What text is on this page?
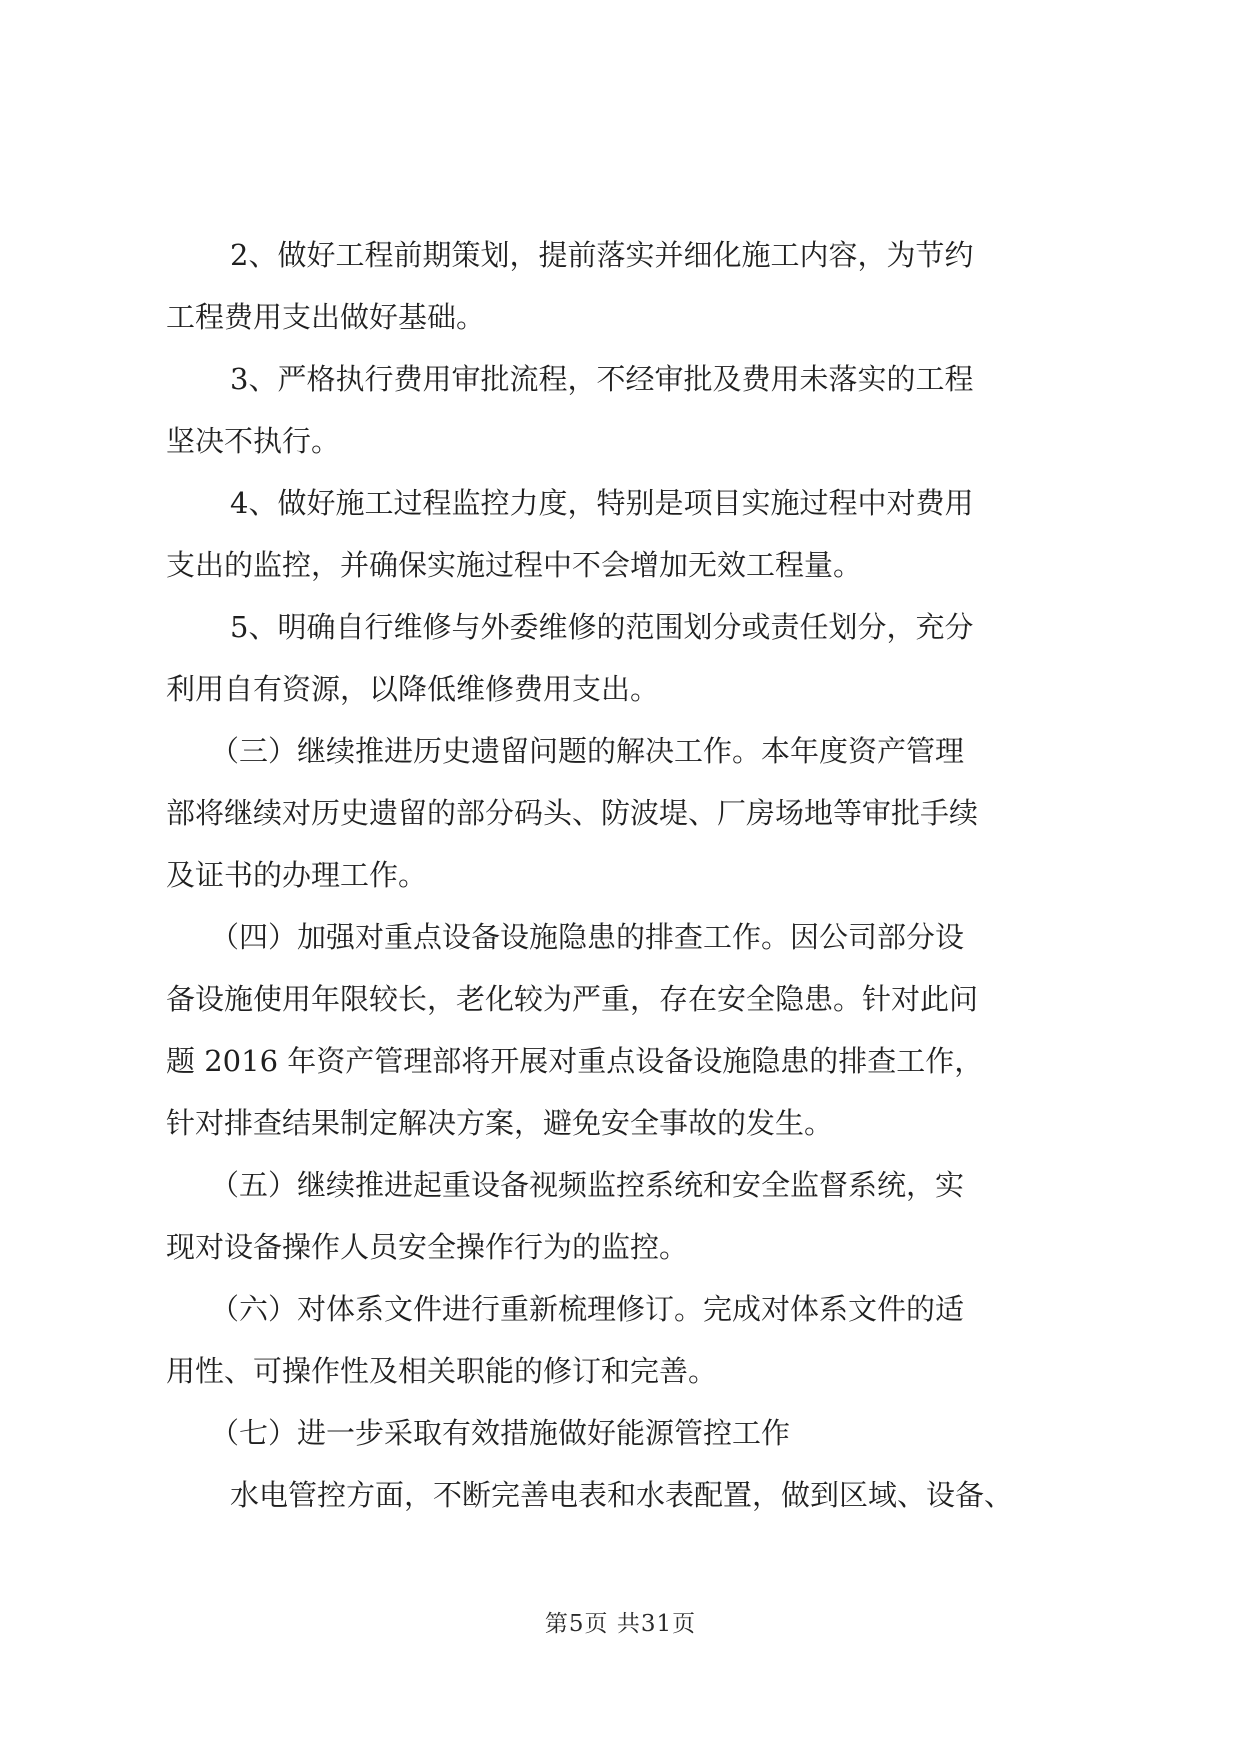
2、做好工程前期策划，提前落实并细化施工内容，为节约
工程费用支出做好基础。
3、严格执行费用审批流程，不经审批及费用未落实的工程
坚决不执行。
4、做好施工过程监控力度，特别是项目实施过程中对费用
支出的监控，并确保实施过程中不会增加无效工程量。
5、明确自行维修与外委维修的范围划分或责任划分，充分
利用自有资源，以降低维修费用支出。
（三）继续推进历史遗留问题的解决工作。本年度资产管理
部将继续对历史遗留的部分码头、防波堤、厂房场地等审批手续
及证书的办理工作。
（四）加强对重点设备设施隐患的排查工作。因公司部分设
备设施使用年限较长，老化较为严重，存在安全隐患。针对此问
题 2016 年资产管理部将开展对重点设备设施隐患的排查工作，
针对排查结果制定解决方案，避免安全事故的发生。
（五）继续推进起重设备视频监控系统和安全监督系统，实
现对设备操作人员安全操作行为的监控。
（六）对体系文件进行重新梳理修订。完成对体系文件的适
用性、可操作性及相关职能的修订和完善。
（七）进一步采取有效措施做好能源管控工作
水电管控方面，不断完善电表和水表配置，做到区域、设备、
第5页 共31页
